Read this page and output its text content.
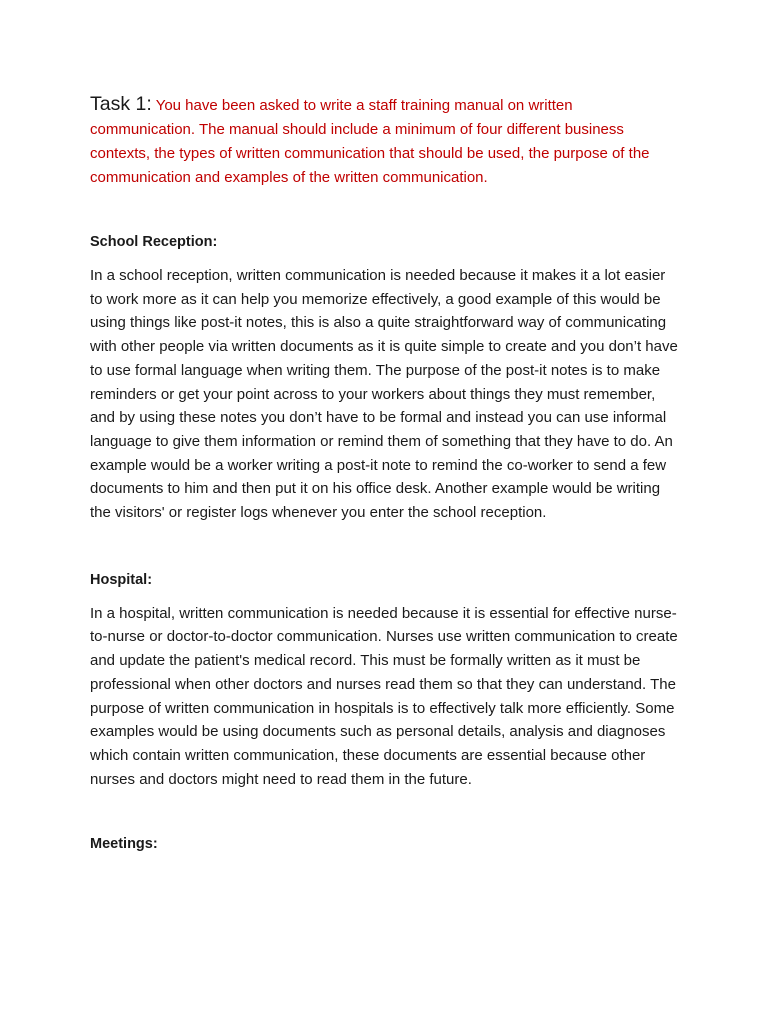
Task 1: You have been asked to write a staff training manual on written communication. The manual should include a minimum of four different business contexts, the types of written communication that should be used, the purpose of the communication and examples of the written communication.

School Reception:

In a school reception, written communication is needed because it makes it a lot easier to work more as it can help you memorize effectively, a good example of this would be using things like post-it notes, this is also a quite straightforward way of communicating with other people via written documents as it is quite simple to create and you don’t have to use formal language when writing them. The purpose of the post-it notes is to make reminders or get your point across to your workers about things they must remember, and by using these notes you don’t have to be formal and instead you can use informal language to give them information or remind them of something that they have to do. An example would be a worker writing a post-it note to remind the co-worker to send a few documents to him and then put it on his office desk. Another example would be writing the visitors' or register logs whenever you enter the school reception.

Hospital:

In a hospital, written communication is needed because it is essential for effective nurse-to-nurse or doctor-to-doctor communication. Nurses use written communication to create and update the patient's medical record. This must be formally written as it must be professional when other doctors and nurses read them so that they can understand. The purpose of written communication in hospitals is to effectively talk more efficiently. Some examples would be using documents such as personal details, analysis and diagnoses which contain written communication, these documents are essential because other nurses and doctors might need to read them in the future.

Meetings:
